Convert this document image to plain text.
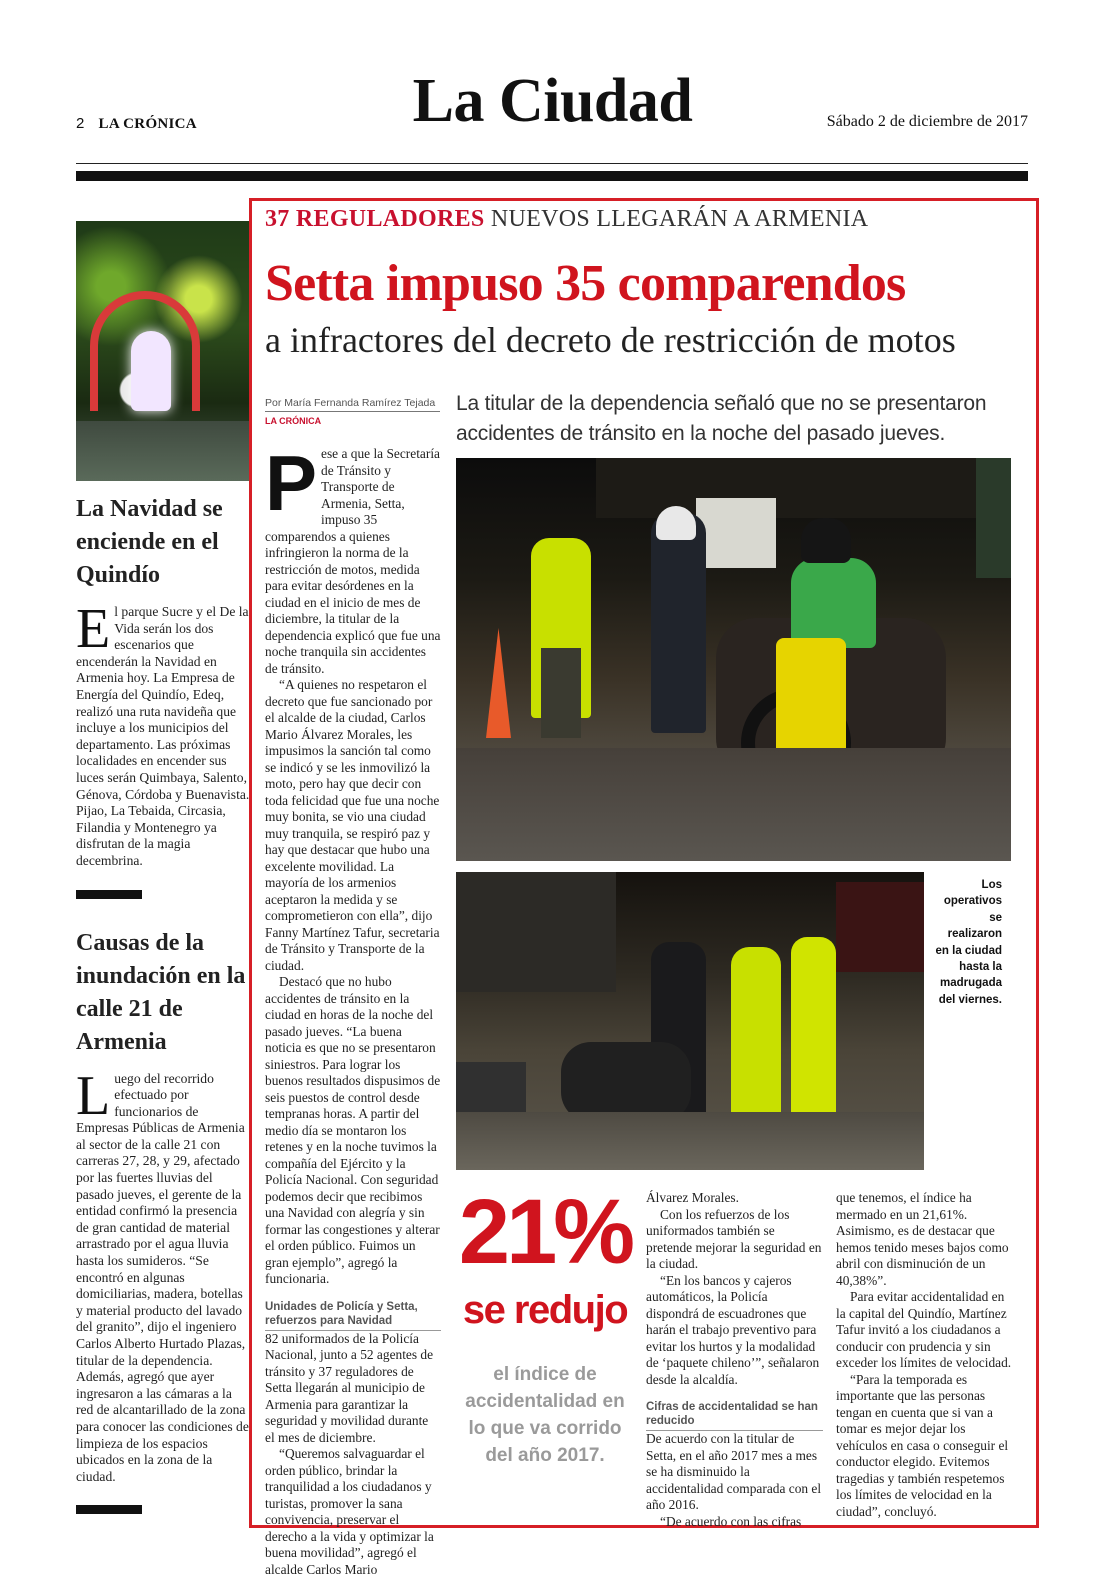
2 LA CRÓNICA	La Ciudad	Sábado 2 de diciembre de 2017
La Navidad se enciende en el Quindío
El parque Sucre y el De la Vida serán los dos escenarios que encenderán la Navidad en Armenia hoy. La Empresa de Energía del Quindío, Edeq, realizó una ruta navideña que incluye a los municipios del departamento. Las próximas localidades en encender sus luces serán Quimbaya, Salento, Génova, Córdoba y Buenavista. Pijao, La Tebaida, Circasia, Filandia y Montenegro ya disfrutan de la magia decembrina.
Causas de la inundación en la calle 21 de Armenia
Luego del recorrido efectuado por funcionarios de Empresas Públicas de Armenia al sector de la calle 21 con carreras 27, 28, y 29, afectado por las fuertes lluvias del pasado jueves, el gerente de la entidad confirmó la presencia de gran cantidad de material arrastrado por el agua lluvia hasta los sumideros. “Se encontró en algunas domiciliarias, madera, botellas y material producto del lavado del granito”, dijo el ingeniero Carlos Alberto Hurtado Plazas, titular de la dependencia. Además, agregó que ayer ingresaron a las cámaras a la red de alcantarillado de la zona para conocer las condiciones de limpieza de los espacios ubicados en la zona de la ciudad.
37 REGULADORES NUEVOS LLEGARÁN A ARMENIA
Setta impuso 35 comparendos
a infractores del decreto de restricción de motos
Por María Fernanda Ramírez Tejada
LA CRÓNICA
La titular de la dependencia señaló que no se presentaron accidentes de tránsito en la noche del pasado jueves.

Pese a que la Secretaría de Tránsito y Transporte de Armenia, Setta, impuso 35 comparendos a quienes infringieron la norma de la restricción de motos, medida para evitar desórdenes en la ciudad en el inicio de mes de diciembre, la titular de la dependencia explicó que fue una noche tranquila sin accidentes de tránsito.

“A quienes no respetaron el decreto que fue sancionado por el alcalde de la ciudad, Carlos Mario Álvarez Morales, les impusimos la sanción tal como se indicó y se les inmovilizó la moto, pero hay que decir con toda felicidad que fue una noche muy bonita, se vio una ciudad muy tranquila, se respiró paz y hay que destacar que hubo una excelente movilidad. La mayoría de los armenios aceptaron la medida y se comprometieron con ella”, dijo Fanny Martínez Tafur, secretaria de Tránsito y Transporte de la ciudad.

Destacó que no hubo accidentes de tránsito en la ciudad en horas de la noche del pasado jueves. “La buena noticia es que no se presentaron siniestros. Para lograr los buenos resultados dispusimos de seis puestos de control desde tempranas horas. A partir del medio día se montaron los retenes y en la noche tuvimos la compañía del Ejército y la Policía Nacional. Con seguridad podemos decir que recibimos una Navidad con alegría y sin formar las congestiones y alterar el orden público. Fuimos un gran ejemplo”, agregó la funcionaria.

Unidades de Policía y Setta, refuerzos para Navidad

82 uniformados de la Policía Nacional, junto a 52 agentes de tránsito y 37 reguladores de Setta llegarán al municipio de Armenia para garantizar la seguridad y movilidad durante el mes de diciembre.

“Queremos salvaguardar el orden público, brindar la tranquilidad a los ciudadanos y turistas, promover la sana convivencia, preservar el derecho a la vida y optimizar la buena movilidad”, agregó el alcalde Carlos Mario

Los operativos se realizaron en la ciudad hasta la madrugada del viernes.
21%
se redujo
el índice de accidentalidad en lo que va corrido del año 2017.

Álvarez Morales.

Con los refuerzos de los uniformados también se pretende mejorar la seguridad en la ciudad.

“En los bancos y cajeros automáticos, la Policía dispondrá de escuadrones que harán el trabajo preventivo para evitar los hurtos y la modalidad de ‘paquete chileno’”, señalaron desde la alcaldía.

Cifras de accidentalidad se han reducido

De acuerdo con la titular de Setta, en el año 2017 mes a mes se ha disminuido la accidentalidad comparada con el año 2016.

“De acuerdo con las cifras

que tenemos, el índice ha mermado en un 21,61%. Asimismo, es de destacar que hemos tenido meses bajos como abril con disminución de un 40,38%”.

Para evitar accidentalidad en la capital del Quindío, Martínez Tafur invitó a los ciudadanos a conducir con prudencia y sin exceder los límites de velocidad.

“Para la temporada es importante que las personas tengan en cuenta que si van a tomar es mejor dejar los vehículos en casa o conseguir el conductor elegido. Evitemos tragedias y también respetemos los límites de velocidad en la ciudad”, concluyó.
